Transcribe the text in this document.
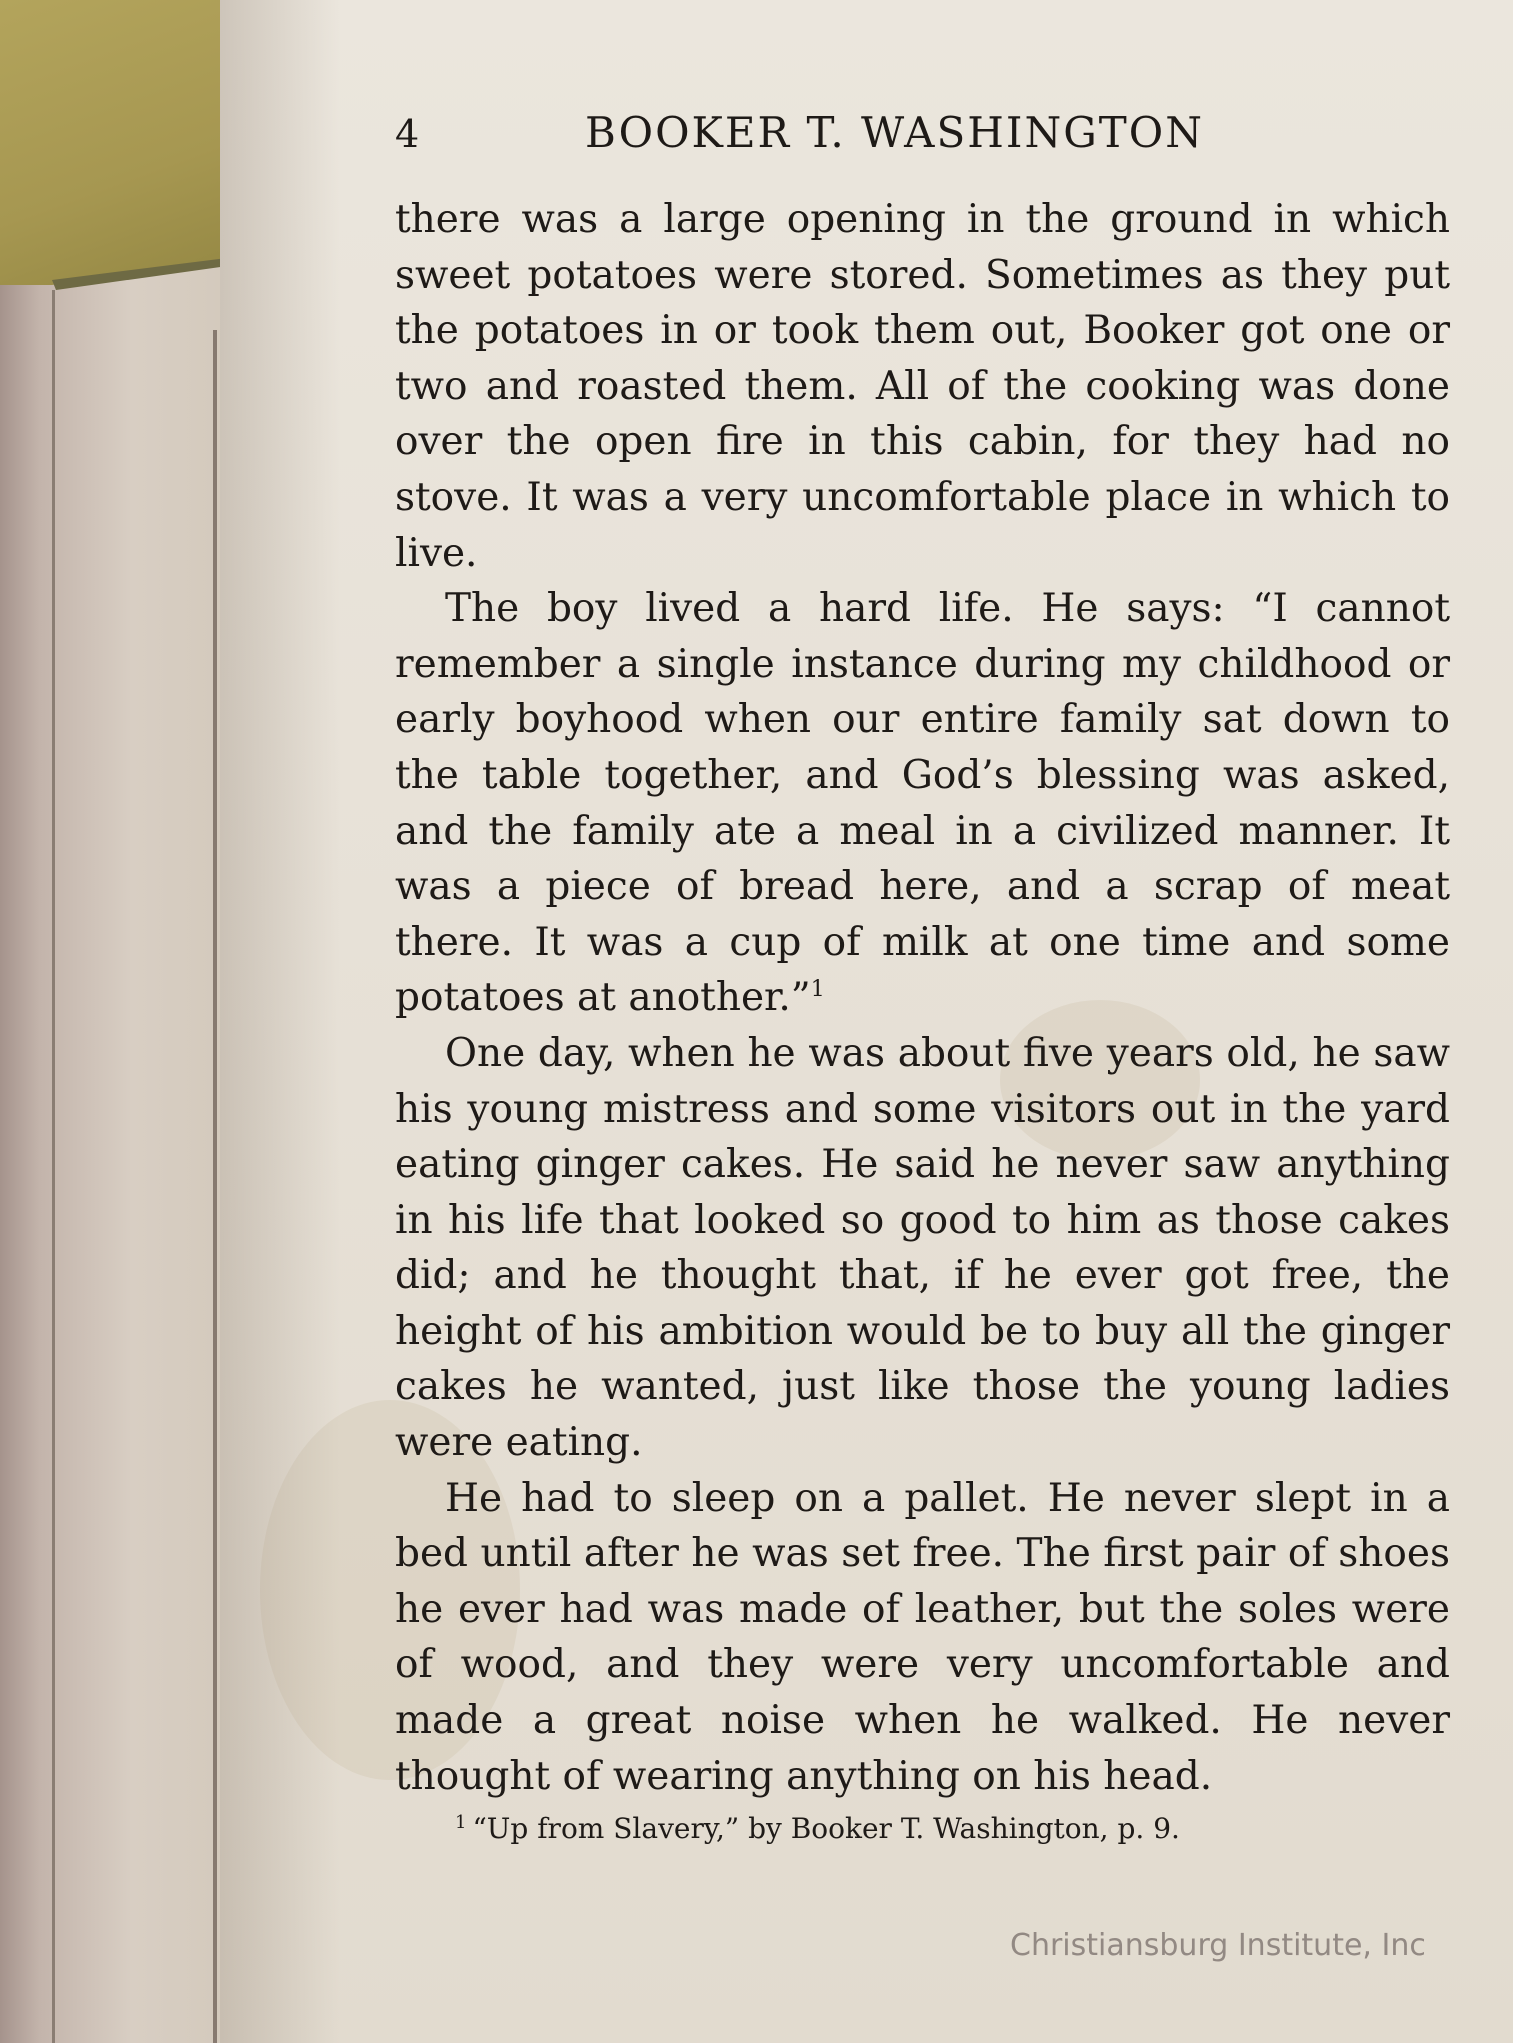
4	BOOKER T. WASHINGTON

there was a large opening in the ground in which sweet potatoes were stored. Sometimes as they put the potatoes in or took them out, Booker got one or two and roasted them. All of the cooking was done over the open fire in this cabin, for they had no stove. It was a very uncomfortable place in which to live.

The boy lived a hard life. He says: “I cannot remember a single instance during my childhood or early boyhood when our entire family sat down to the table together, and God’s blessing was asked, and the family ate a meal in a civilized manner. It was a piece of bread here, and a scrap of meat there. It was a cup of milk at one time and some potatoes at another.”$^1$

One day, when he was about five years old, he saw his young mistress and some visitors out in the yard eating ginger cakes. He said he never saw anything in his life that looked so good to him as those cakes did; and he thought that, if he ever got free, the height of his ambition would be to buy all the ginger cakes he wanted, just like those the young ladies were eating.

He had to sleep on a pallet. He never slept in a bed until after he was set free. The first pair of shoes he ever had was made of leather, but the soles were of wood, and they were very uncomfortable and made a great noise when he walked. He never thought of wearing anything on his head.

$^1$ “Up from Slavery,” by Booker T. Washington, p. 9.
Christiansburg Institute, Inc
